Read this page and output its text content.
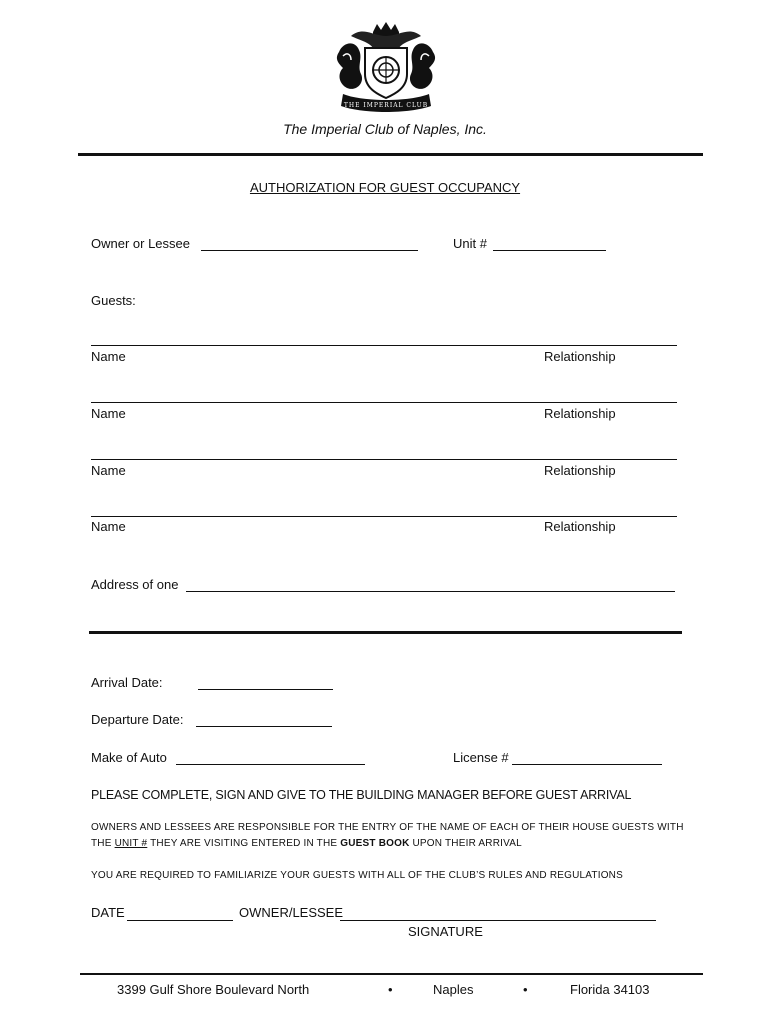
THE IMPERIAL CLUB
The Imperial Club of Naples, Inc.
AUTHORIZATION FOR GUEST OCCUPANCY
Owner or Lessee	Unit #
Guests:
Name	Relationship
Name	Relationship
Name	Relationship
Name	Relationship
Address of one
Arrival Date:
Departure Date:
Make of Auto	License #
PLEASE COMPLETE, SIGN AND GIVE TO THE BUILDING MANAGER BEFORE GUEST ARRIVAL
OWNERS AND LESSEES ARE RESPONSIBLE FOR THE ENTRY OF THE NAME OF EACH OF THEIR HOUSE GUESTS WITH
THE UNIT # THEY ARE VISITING ENTERED IN THE GUEST BOOK UPON THEIR ARRIVAL
YOU ARE REQUIRED TO FAMILIARIZE YOUR GUESTS WITH ALL OF THE CLUB’S RULES AND REGULATIONS
DATE	OWNER/LESSEE
SIGNATURE
3399 Gulf Shore Boulevard North	•	Naples	•	Florida 34103
